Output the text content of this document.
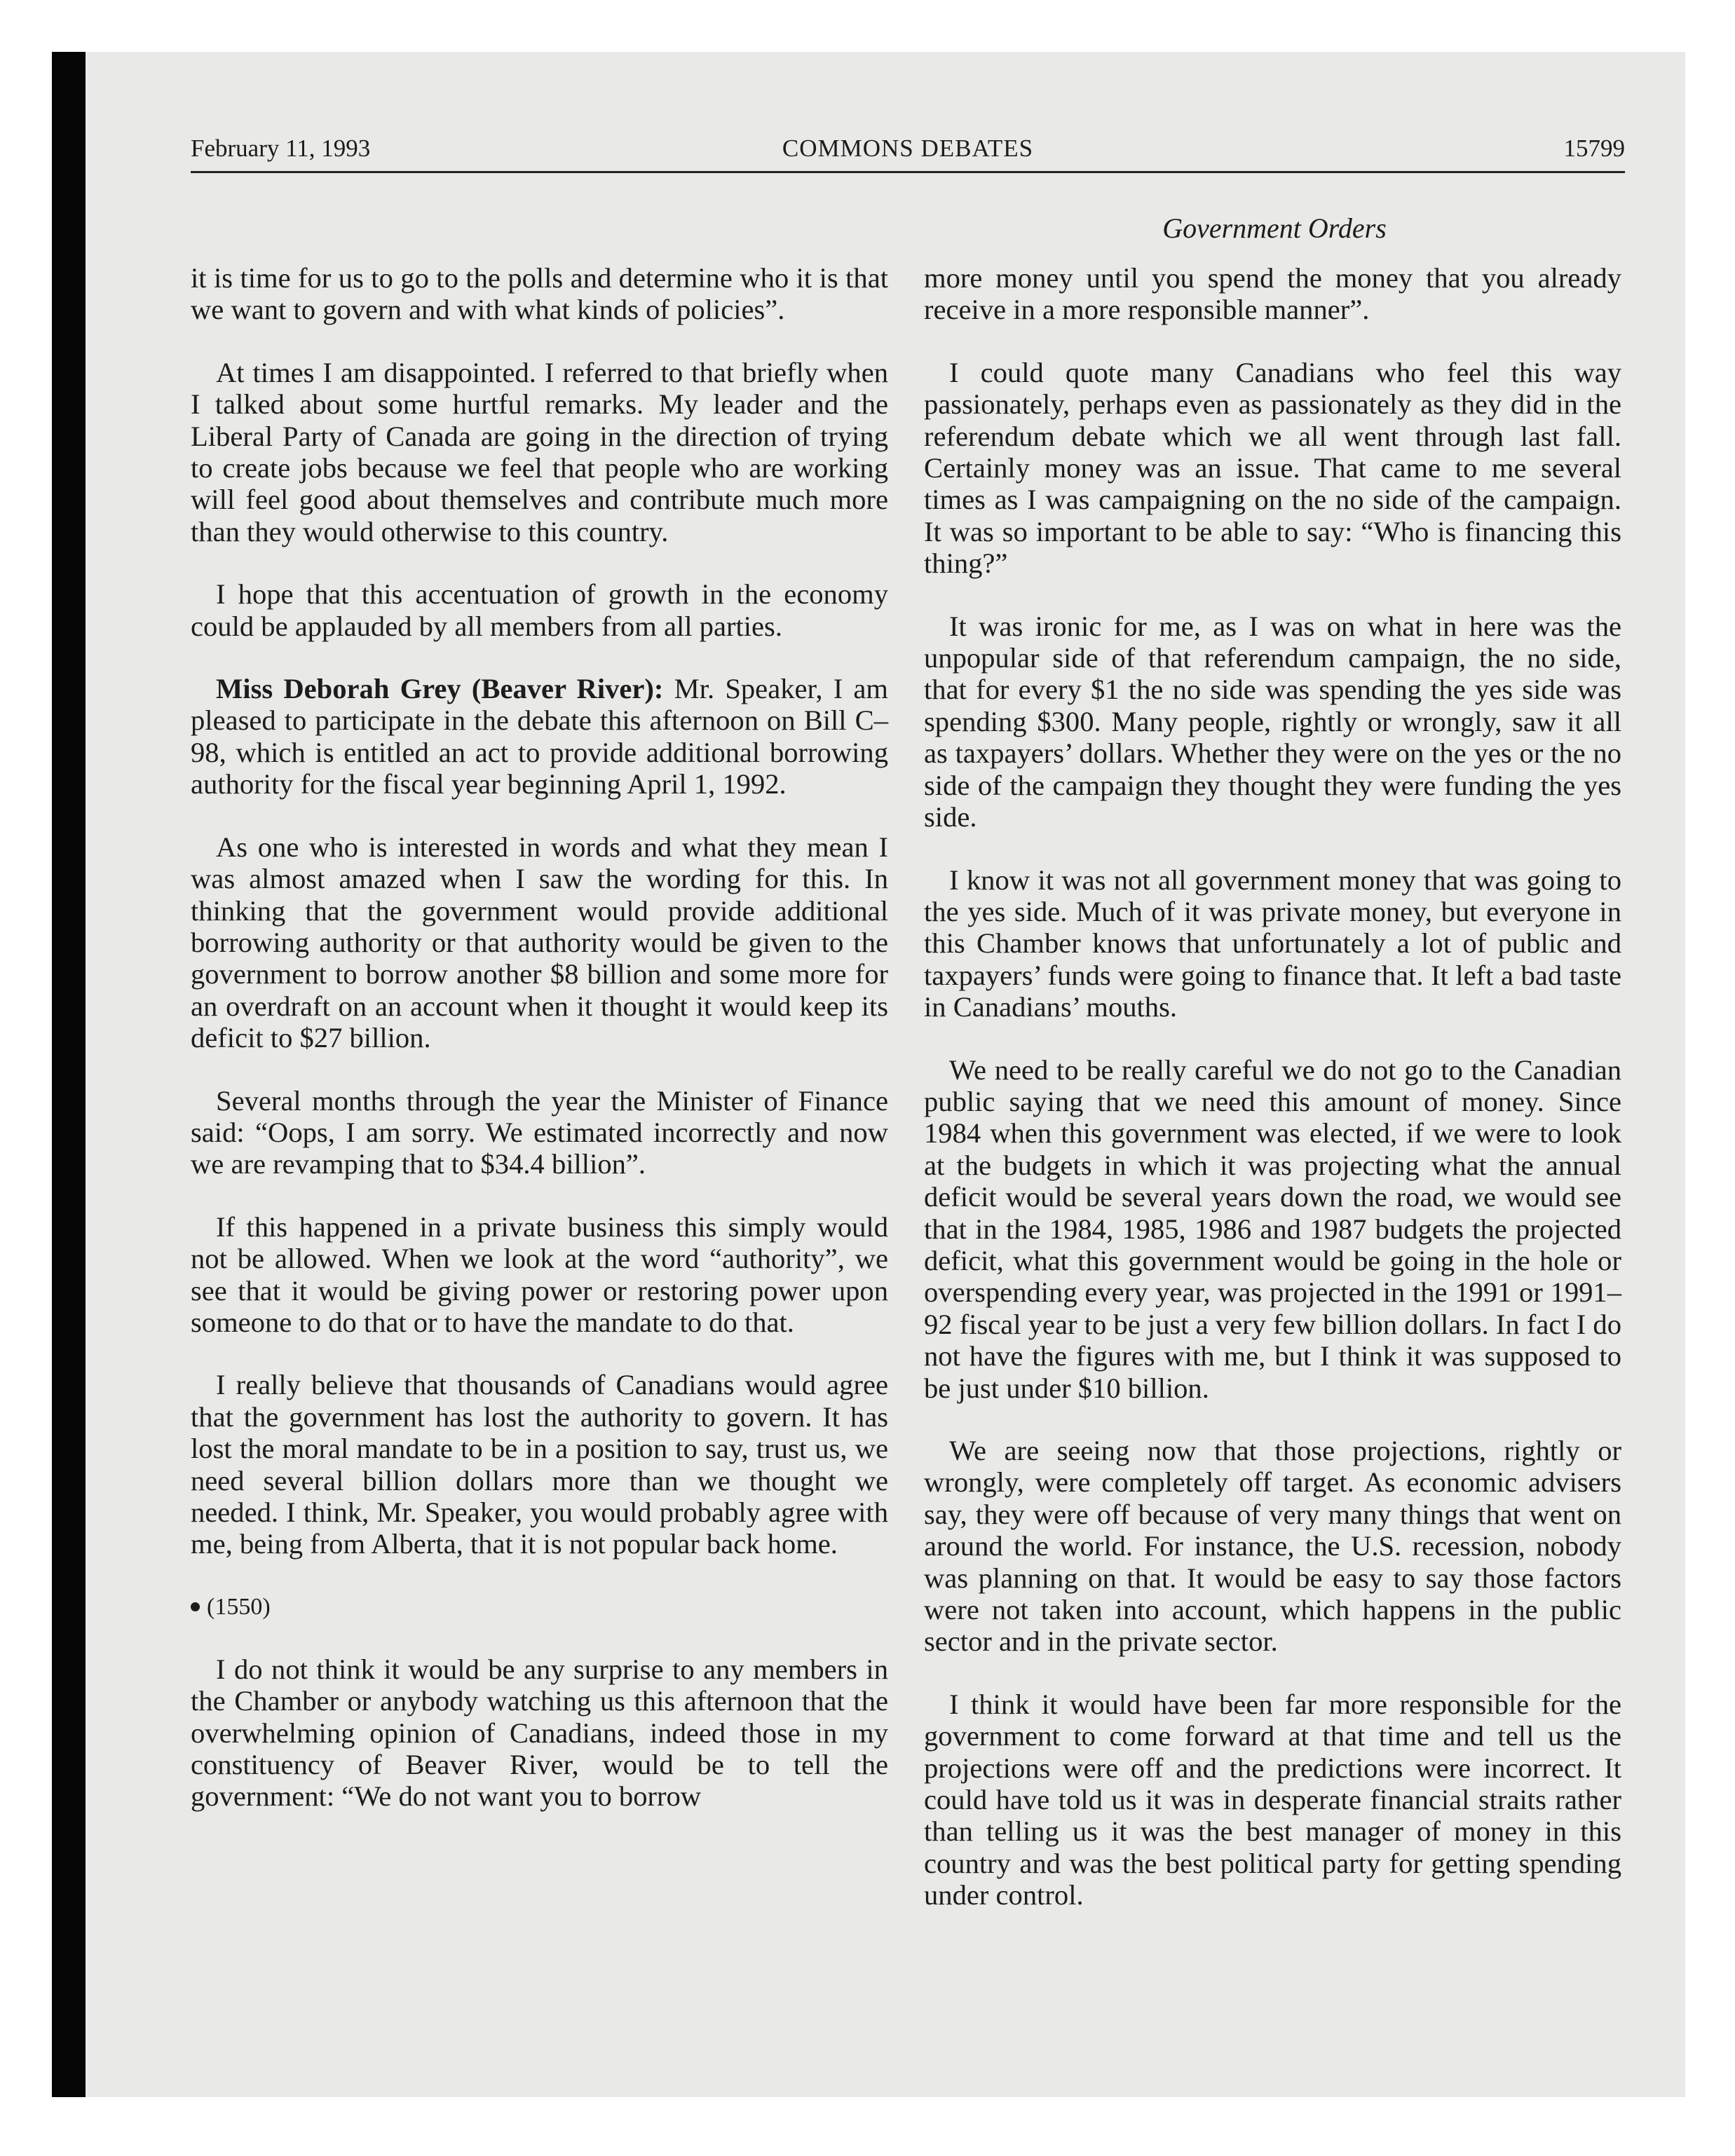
February 11, 1993	COMMONS DEBATES	15799
Government Orders

it is time for us to go to the polls and determine who it is that we want to govern and with what kinds of policies”.

At times I am disappointed. I referred to that briefly when I talked about some hurtful remarks. My leader and the Liberal Party of Canada are going in the direction of trying to create jobs because we feel that people who are working will feel good about themselves and contribute much more than they would otherwise to this country.

I hope that this accentuation of growth in the economy could be applauded by all members from all parties.

Miss Deborah Grey (Beaver River): Mr. Speaker, I am pleased to participate in the debate this afternoon on Bill C–98, which is entitled an act to provide additional borrowing authority for the fiscal year beginning April 1, 1992.

As one who is interested in words and what they mean I was almost amazed when I saw the wording for this. In thinking that the government would provide additional borrowing authority or that authority would be given to the government to borrow another $8 billion and some more for an overdraft on an account when it thought it would keep its deficit to $27 billion.

Several months through the year the Minister of Finance said: “Oops, I am sorry. We estimated incorrectly and now we are revamping that to $34.4 billion”.

If this happened in a private business this simply would not be allowed. When we look at the word “authority”, we see that it would be giving power or restoring power upon someone to do that or to have the mandate to do that.

I really believe that thousands of Canadians would agree that the government has lost the authority to govern. It has lost the moral mandate to be in a position to say, trust us, we need several billion dollars more than we thought we needed. I think, Mr. Speaker, you would probably agree with me, being from Alberta, that it is not popular back home.

(1550)

I do not think it would be any surprise to any members in the Chamber or anybody watching us this afternoon that the overwhelming opinion of Canadians, indeed those in my constituency of Beaver River, would be to tell the government: “We do not want you to borrow

more money until you spend the money that you already receive in a more responsible manner”.

I could quote many Canadians who feel this way passionately, perhaps even as passionately as they did in the referendum debate which we all went through last fall. Certainly money was an issue. That came to me several times as I was campaigning on the no side of the campaign. It was so important to be able to say: “Who is financing this thing?”

It was ironic for me, as I was on what in here was the unpopular side of that referendum campaign, the no side, that for every $1 the no side was spending the yes side was spending $300. Many people, rightly or wrongly, saw it all as taxpayers’ dollars. Whether they were on the yes or the no side of the campaign they thought they were funding the yes side.

I know it was not all government money that was going to the yes side. Much of it was private money, but everyone in this Chamber knows that unfortunately a lot of public and taxpayers’ funds were going to finance that. It left a bad taste in Canadians’ mouths.

We need to be really careful we do not go to the Canadian public saying that we need this amount of money. Since 1984 when this government was elected, if we were to look at the budgets in which it was projecting what the annual deficit would be several years down the road, we would see that in the 1984, 1985, 1986 and 1987 budgets the projected deficit, what this government would be going in the hole or overspending every year, was projected in the 1991 or 1991–92 fiscal year to be just a very few billion dollars. In fact I do not have the figures with me, but I think it was supposed to be just under $10 billion.

We are seeing now that those projections, rightly or wrongly, were completely off target. As economic advisers say, they were off because of very many things that went on around the world. For instance, the U.S. recession, nobody was planning on that. It would be easy to say those factors were not taken into account, which happens in the public sector and in the private sector.

I think it would have been far more responsible for the government to come forward at that time and tell us the projections were off and the predictions were incorrect. It could have told us it was in desperate financial straits rather than telling us it was the best manager of money in this country and was the best political party for getting spending under control.
